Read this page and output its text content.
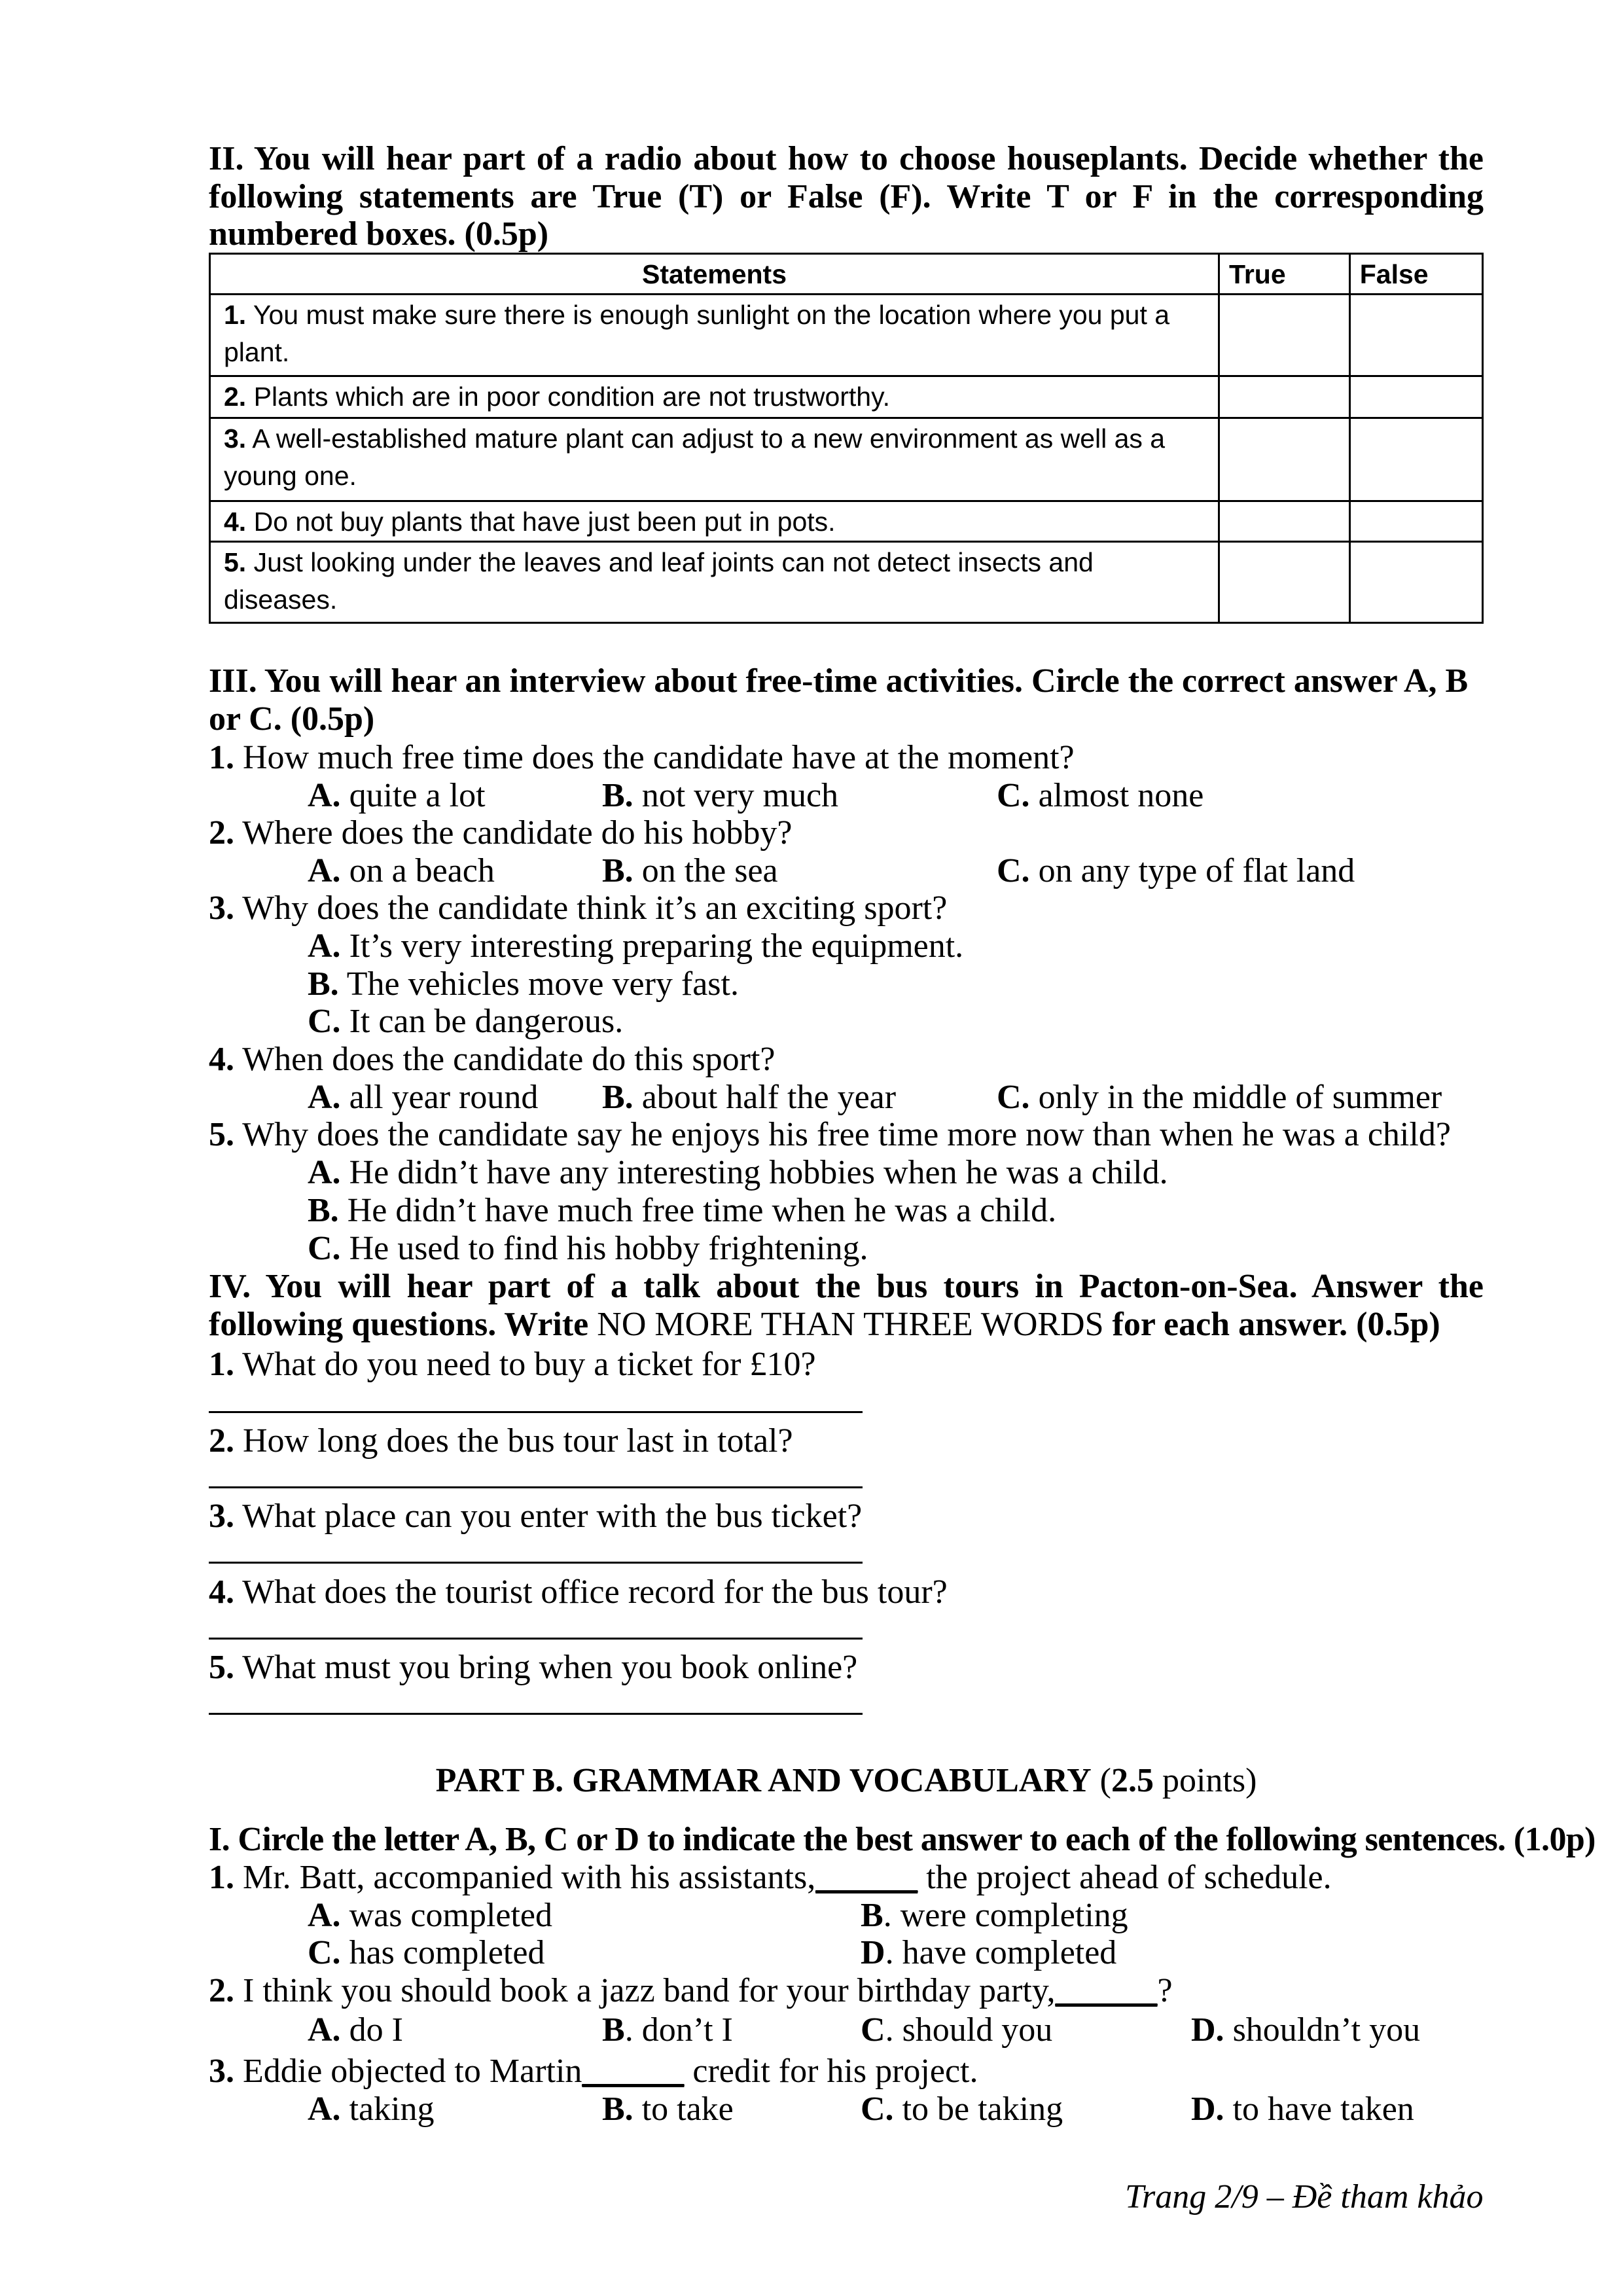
II. You will hear part of a radio about how to choose houseplants. Decide whether the following statements are True (T) or False (F). Write T or F in the corresponding numbered boxes. (0.5p)
Statements	True	False
1. You must make sure there is enough sunlight on the location where you put a plant.		
2. Plants which are in poor condition are not trustworthy.		
3. A well-established mature plant can adjust to a new environment as well as a young one.		
4. Do not buy plants that have just been put in pots.		
5. Just looking under the leaves and leaf joints can not detect insects and diseases.		
III. You will hear an interview about free-time activities. Circle the correct answer A, B or C. (0.5p)
1. How much free time does the candidate have at the moment?
A. quite a lot	B. not very much	C. almost none
2. Where does the candidate do his hobby?
A. on a beach	B. on the sea	C. on any type of flat land
3. Why does the candidate think it’s an exciting sport?
A. It’s very interesting preparing the equipment.
B. The vehicles move very fast.
C. It can be dangerous.
4. When does the candidate do this sport?
A. all year round B. about half the year	C. only in the middle of summer
5. Why does the candidate say he enjoys his free time more now than when he was a child?
A. He didn’t have any interesting hobbies when he was a child.
B. He didn’t have much free time when he was a child.
C. He used to find his hobby frightening.
IV. You will hear part of a talk about the bus tours in Pacton-on-Sea. Answer the following questions. Write NO MORE THAN THREE WORDS for each answer. (0.5p)
1. What do you need to buy a ticket for £10?
2. How long does the bus tour last in total?
3. What place can you enter with the bus ticket?
4. What does the tourist office record for the bus tour?
5. What must you bring when you book online?
PART B. GRAMMAR AND VOCABULARY (2.5 points)
I. Circle the letter A, B, C or D to indicate the best answer to each of the following sentences. (1.0p)
1. Mr. Batt, accompanied with his assistants,______ the project ahead of schedule.
A. was completed	B. were completing
C. has completed	D. have completed
2. I think you should book a jazz band for your birthday party,______?
A. do I	B. don’t I	C. should you	D. shouldn’t you
3. Eddie objected to Martin______ credit for his project.
A. taking	B. to take	C. to be taking	D. to have taken
Trang 2/9 – Đề tham khảo
